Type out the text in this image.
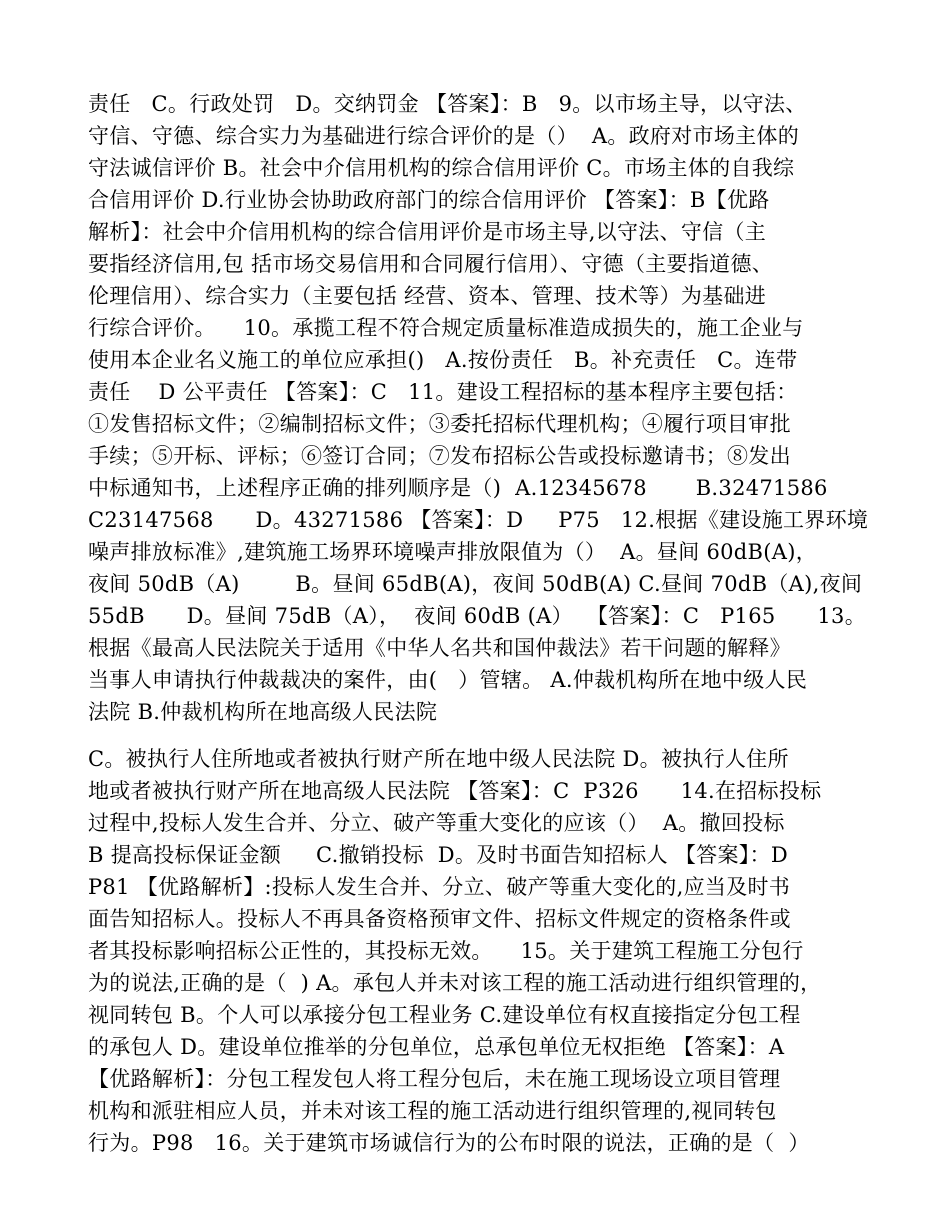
责任   C。行政处罚   D。交纳罚金 【答案】：B   9。以市场主导，以守法、
守信、守德、综合实力为基础进行综合评价的是（）  A。政府对市场主体的
守法诚信评价 B。社会中介信用机构的综合信用评价 C。市场主体的自我综
合信用评价 D.行业协会协助政府部门的综合信用评价 【答案】：B【优路
解析】：社会中介信用机构的综合信用评价是市场主导,以守法、守信（主
要指经济信用,包 括市场交易信用和合同履行信用）、守德（主要指道德、
伦理信用）、综合实力（主要包括 经营、资本、管理、技术等）为基础进
行综合评价。    10。承揽工程不符合规定质量标准造成损失的，施工企业与
使用本企业名义施工的单位应承担()   A.按份责任   B。补充责任   C。连带
责任    D 公平责任 【答案】：C   11。建设工程招标的基本程序主要包括：
①发售招标文件；②编制招标文件；③委托招标代理机构；④履行项目审批
手续；⑤开标、评标；⑥签订合同；⑦发布招标公告或投标邀请书；⑧发出
中标通知书，上述程序正确的排列顺序是（)  A.12345678       B.32471586
C23147568      D。43271586 【答案】：D     P75   12.根据《建设施工界环境
噪声排放标准》,建筑施工场界环境噪声排放限值为（）  A。昼间 60dB(A)，
夜间 50dB（A)        B。昼间 65dB(A)，夜间 50dB(A) C.昼间 70dB（A),夜间
55dB      D。昼间 75dB（A），  夜间 60dB (A）  【答案】：C   P165      13。
根据《最高人民法院关于适用《中华人名共和国仲裁法》若干问题的解释》
当事人申请执行仲裁裁决的案件，由(   ）管辖。 A.仲裁机构所在地中级人民
法院 B.仲裁机构所在地高级人民法院
C。被执行人住所地或者被执行财产所在地中级人民法院 D。被执行人住所
地或者被执行财产所在地高级人民法院 【答案】：C  P326      14.在招标投标
过程中,投标人发生合并、分立、破产等重大变化的应该（）  A。撤回投标
B 提高投标保证金额     C.撤销投标  D。及时书面告知招标人 【答案】：D
P81 【优路解析】:投标人发生合并、分立、破产等重大变化的,应当及时书
面告知招标人。投标人不再具备资格预审文件、招标文件规定的资格条件或
者其投标影响招标公正性的，其投标无效。    15。关于建筑工程施工分包行
为的说法,正确的是（  ) A。承包人并未对该工程的施工活动进行组织管理的，
视同转包 B。个人可以承接分包工程业务 C.建设单位有权直接指定分包工程
的承包人 D。建设单位推举的分包单位，总承包单位无权拒绝 【答案】：A
【优路解析】：分包工程发包人将工程分包后，未在施工现场设立项目管理
机构和派驻相应人员，并未对该工程的施工活动进行组织管理的,视同转包
行为。P98   16。关于建筑市场诚信行为的公布时限的说法，正确的是（  ）
